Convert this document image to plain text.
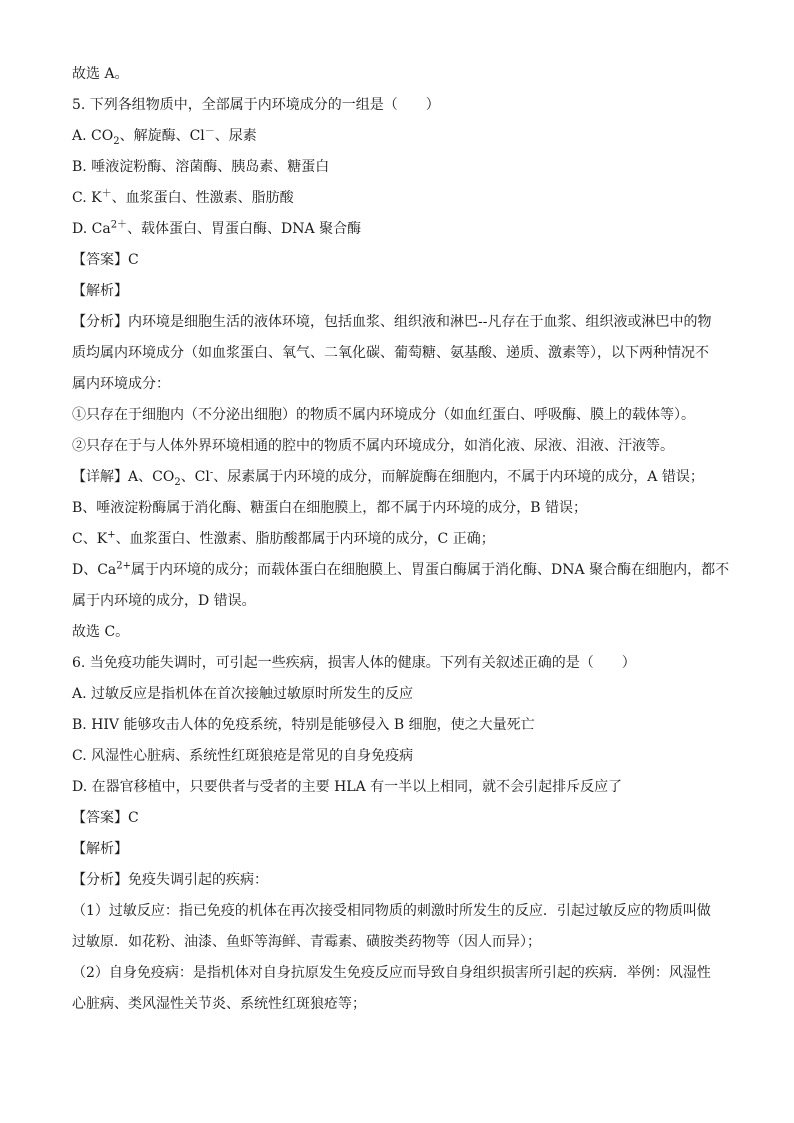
故选 A。
5. 下列各组物质中，全部属于内环境成分的一组是（　　）
A. $CO_2$、解旋酶、Cl－、尿素
B. 唾液淀粉酶、溶菌酶、胰岛素、糖蛋白
C. K＋、血浆蛋白、性激素、脂肪酸
D. $Ca^{2+}$、载体蛋白、胃蛋白酶、DNA 聚合酶
【答案】C
【解析】
【分析】内环境是细胞生活的液体环境，包括血浆、组织液和淋巴--凡存在于血浆、组织液或淋巴中的物
质均属内环境成分（如血浆蛋白、氧气、二氧化碳、葡萄糖、氨基酸、递质、激素等），以下两种情况不
属内环境成分：
①只存在于细胞内（不分泌出细胞）的物质不属内环境成分（如血红蛋白、呼吸酶、膜上的载体等）。
②只存在于与人体外界环境相通的腔中的物质不属内环境成分，如消化液、尿液、泪液、汗液等。
【详解】A、$CO_2$、Cl-、尿素属于内环境的成分，而解旋酶在细胞内，不属于内环境的成分，A 错误；
B、唾液淀粉酶属于消化酶、糖蛋白在细胞膜上，都不属于内环境的成分，B 错误；
C、K+、血浆蛋白、性激素、脂肪酸都属于内环境的成分，C 正确；
D、$Ca^{2+}$属于内环境的成分；而载体蛋白在细胞膜上、胃蛋白酶属于消化酶、DNA 聚合酶在细胞内，都不
属于内环境的成分，D 错误。
故选 C。
6. 当免疫功能失调时，可引起一些疾病，损害人体的健康。下列有关叙述正确的是（　　）
A. 过敏反应是指机体在首次接触过敏原时所发生的反应
B. HIV 能够攻击人体的免疫系统，特别是能够侵入 B 细胞，使之大量死亡
C. 风湿性心脏病、系统性红斑狼疮是常见的自身免疫病
D. 在器官移植中，只要供者与受者的主要 HLA 有一半以上相同，就不会引起排斥反应了
【答案】C
【解析】
【分析】免疫失调引起的疾病：
（1）过敏反应：指已免疫的机体在再次接受相同物质的刺激时所发生的反应．引起过敏反应的物质叫做
过敏原．如花粉、油漆、鱼虾等海鲜、青霉素、磺胺类药物等（因人而异）；
（2）自身免疫病：是指机体对自身抗原发生免疫反应而导致自身组织损害所引起的疾病．举例：风湿性
心脏病、类风湿性关节炎、系统性红斑狼疮等；
